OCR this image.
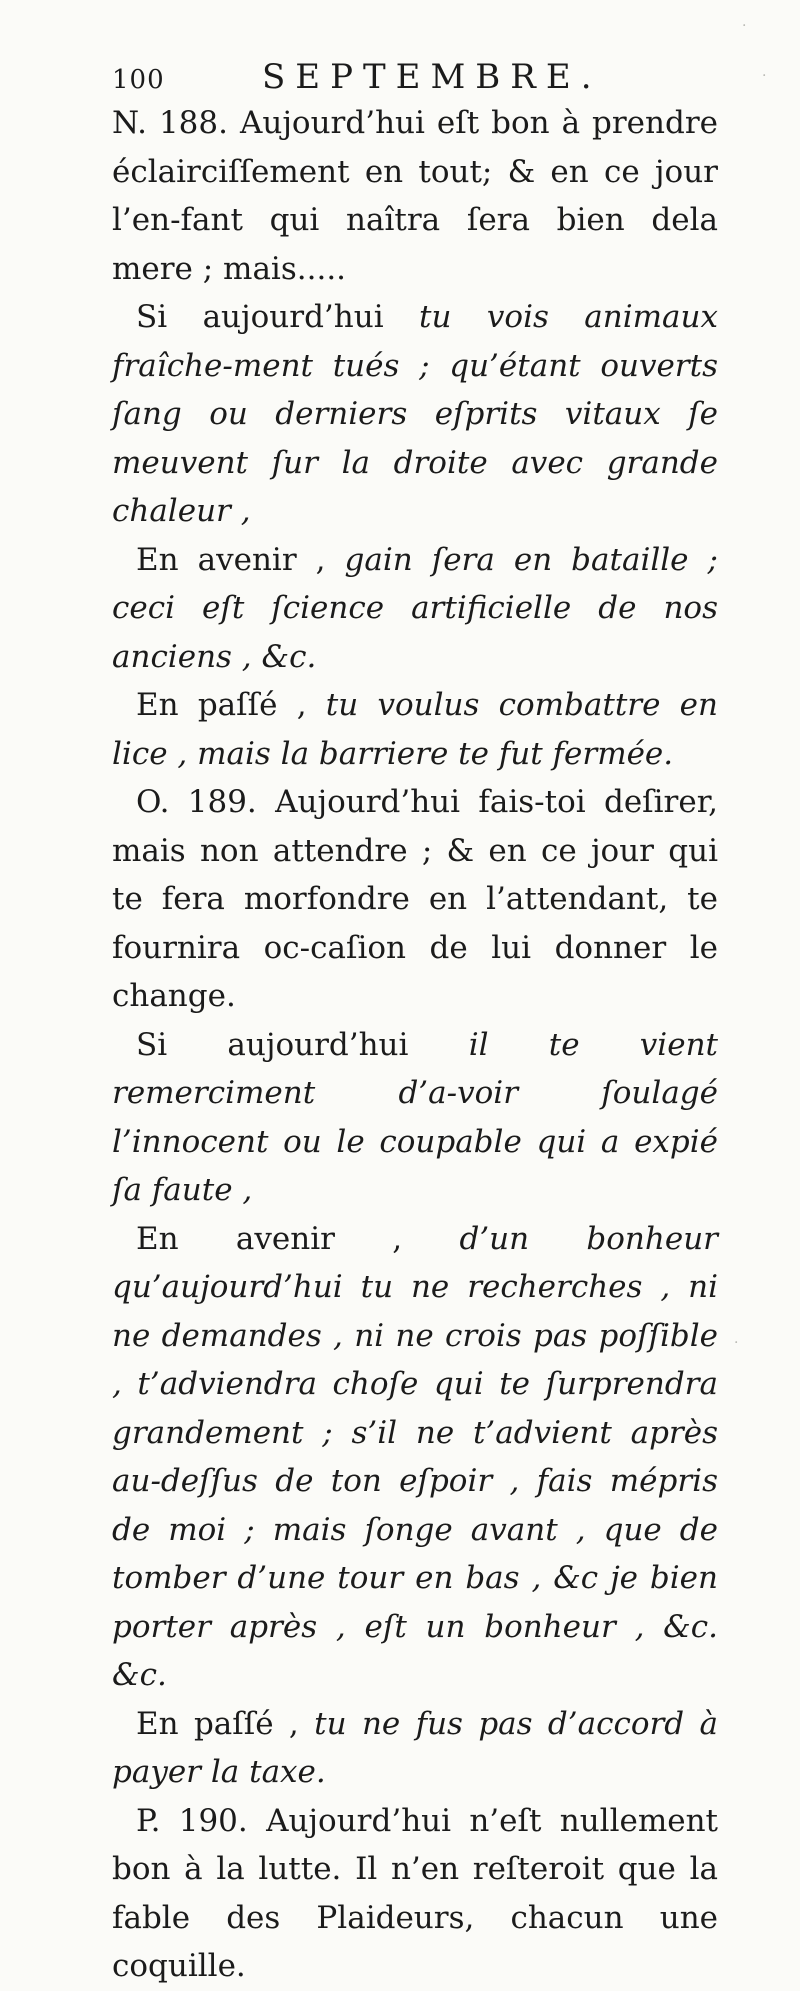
100	SEPTEMBRE.

N. 188. Aujourd’hui eſt bon à prendre éclairciſſement en tout; & en ce jour l’en-fant qui naîtra ſera bien dela mere ; mais.....

Si aujourd’hui tu vois animaux fraîche-ment tués ; qu’étant ouverts ſang ou derniers eſprits vitaux ſe meuvent ſur la droite avec grande chaleur ,

En avenir , gain ſera en bataille ; ceci eſt ſcience artificielle de nos anciens , &c.

En paſſé , tu voulus combattre en lice , mais la barriere te fut fermée.

O. 189. Aujourd’hui fais-toi deſirer, mais non attendre ; & en ce jour qui te fera morfondre en l’attendant, te fournira oc-caſion de lui donner le change.

Si aujourd’hui il te vient remerciment d’a-voir ſoulagé l’innocent ou le coupable qui a expié ſa faute ,

En avenir , d’un bonheur qu’aujourd’hui tu ne recherches , ni ne demandes , ni ne crois pas poſſible , t’adviendra choſe qui te ſurprendra grandement ; s’il ne t’advient après au-deſſus de ton eſpoir , fais mépris de moi ; mais ſonge avant , que de tomber d’une tour en bas , &c je bien porter après , eſt un bonheur , &c. &c.

En paſſé , tu ne fus pas d’accord à payer la taxe.

P. 190. Aujourd’hui n’eſt nullement bon à la lutte. Il n’en reſteroit que la fable des Plaideurs, chacun une coquille.

·
·
·
